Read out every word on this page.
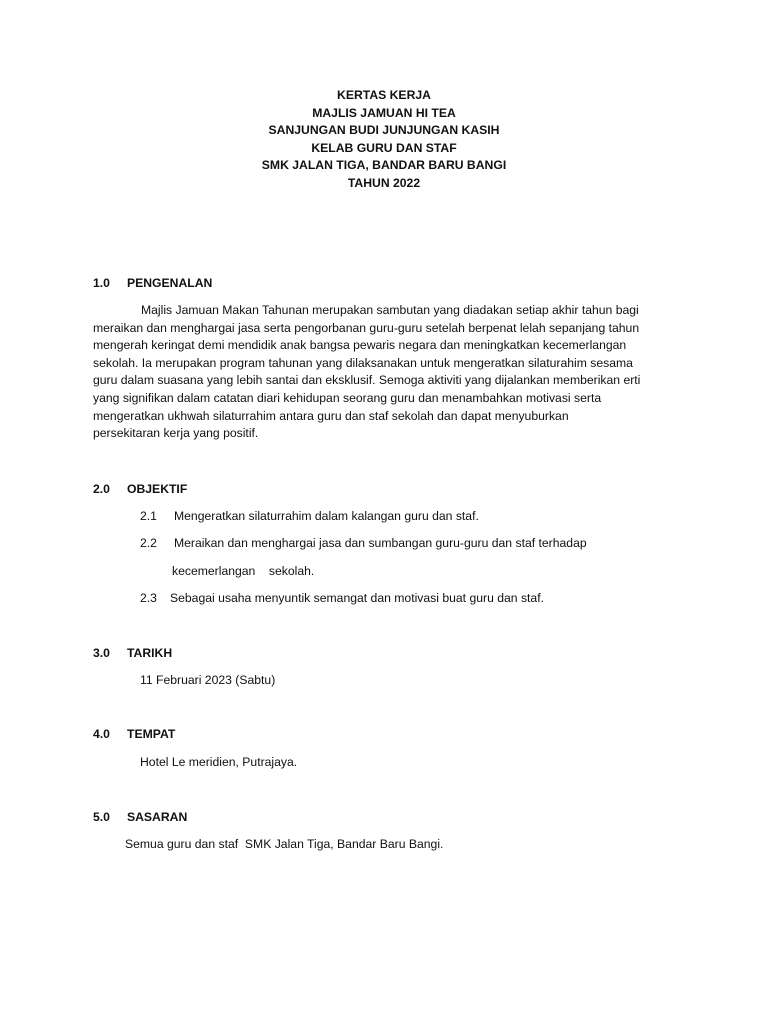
KERTAS KERJA
MAJLIS JAMUAN HI TEA
SANJUNGAN BUDI JUNJUNGAN KASIH
KELAB GURU DAN STAF
SMK JALAN TIGA, BANDAR BARU BANGI
TAHUN 2022
1.0 PENGENALAN
Majlis Jamuan Makan Tahunan merupakan sambutan yang diadakan setiap akhir tahun bagi
meraikan dan menghargai jasa serta pengorbanan guru-guru setelah berpenat lelah sepanjang tahun
mengerah keringat demi mendidik anak bangsa pewaris negara dan meningkatkan kecemerlangan
sekolah. Ia merupakan program tahunan yang dilaksanakan untuk mengeratkan silaturahim sesama
guru dalam suasana yang lebih santai dan eksklusif. Semoga aktiviti yang dijalankan memberikan erti
yang signifikan dalam catatan diari kehidupan seorang guru dan menambahkan motivasi serta
mengeratkan ukhwah silaturrahim antara guru dan staf sekolah dan dapat menyuburkan
persekitaran kerja yang positif.
2.0 OBJEKTIF
2.1 Mengeratkan silaturrahim dalam kalangan guru dan staf.
2.2 Meraikan dan menghargai jasa dan sumbangan guru-guru dan staf terhadap
kecemerlangan    sekolah.
2.3 Sebagai usaha menyuntik semangat dan motivasi buat guru dan staf.
3.0 TARIKH
11 Februari 2023 (Sabtu)
4.0 TEMPAT
Hotel Le meridien, Putrajaya.
5.0 SASARAN
Semua guru dan staf  SMK Jalan Tiga, Bandar Baru Bangi.
